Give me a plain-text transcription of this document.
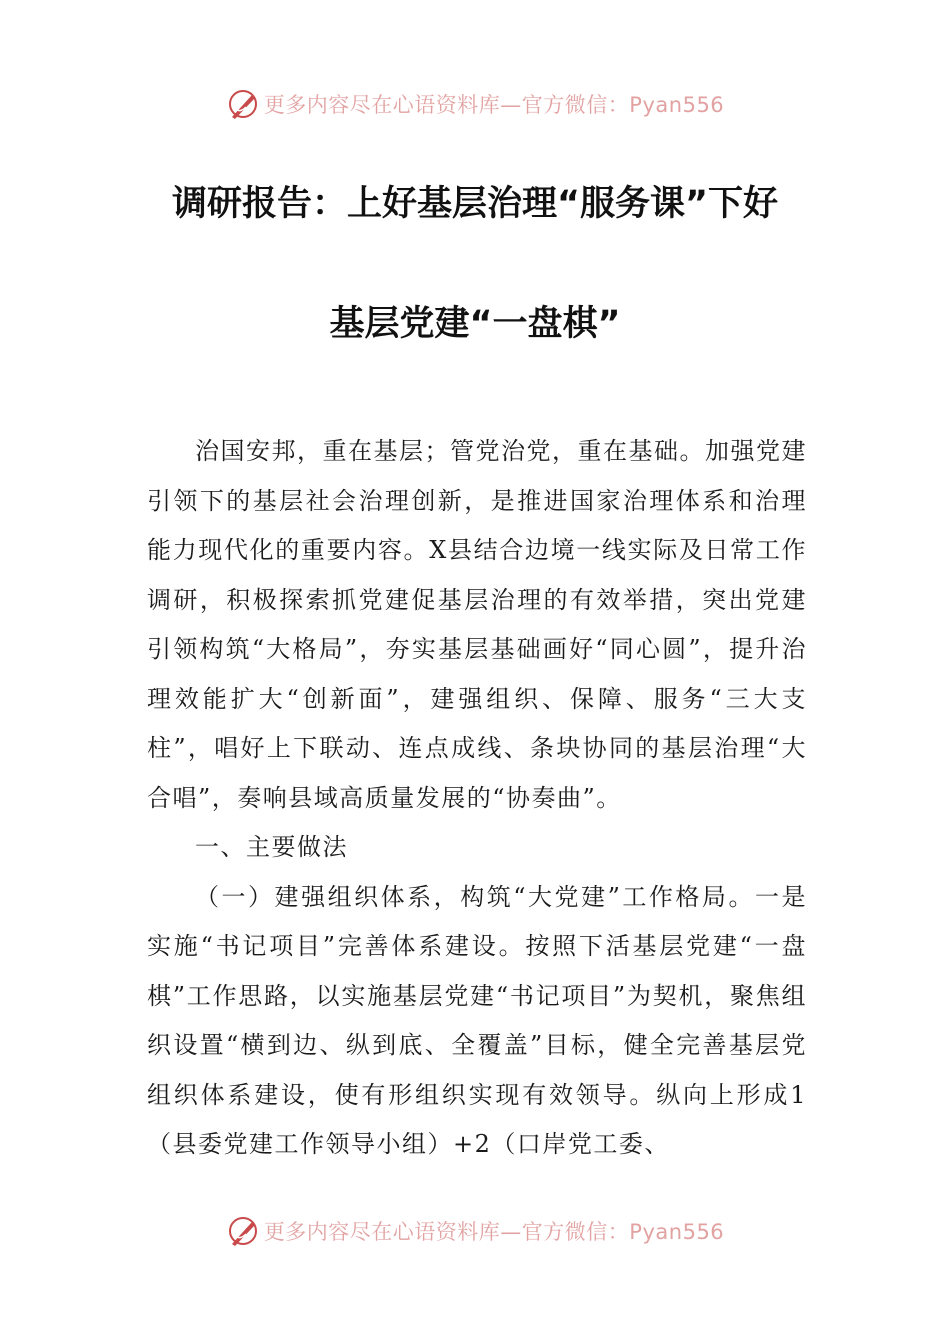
更多内容尽在心语资料库—官方微信：Pyan556
调研报告：上好基层治理“服务课”下好
基层党建“一盘棋”

治国安邦，重在基层；管党治党，重在基础。加强党建引领下的基层社会治理创新，是推进国家治理体系和治理能力现代化的重要内容。X县结合边境一线实际及日常工作调研，积极探索抓党建促基层治理的有效举措，突出党建引领构筑“大格局”，夯实基层基础画好“同心圆”，提升治理效能扩大“创新面”，建强组织、保障、服务“三大支柱”，唱好上下联动、连点成线、条块协同的基层治理“大合唱”，奏响县域高质量发展的“协奏曲”。

一、主要做法

（一）建强组织体系，构筑“大党建”工作格局。一是实施“书记项目”完善体系建设。按照下活基层党建“一盘棋”工作思路，以实施基层党建“书记项目”为契机，聚焦组织设置“横到边、纵到底、全覆盖”目标，健全完善基层党组织体系建设，使有形组织实现有效领导。纵向上形成1（县委党建工作领导小组）+2（口岸党工委、

更多内容尽在心语资料库—官方微信：Pyan556
